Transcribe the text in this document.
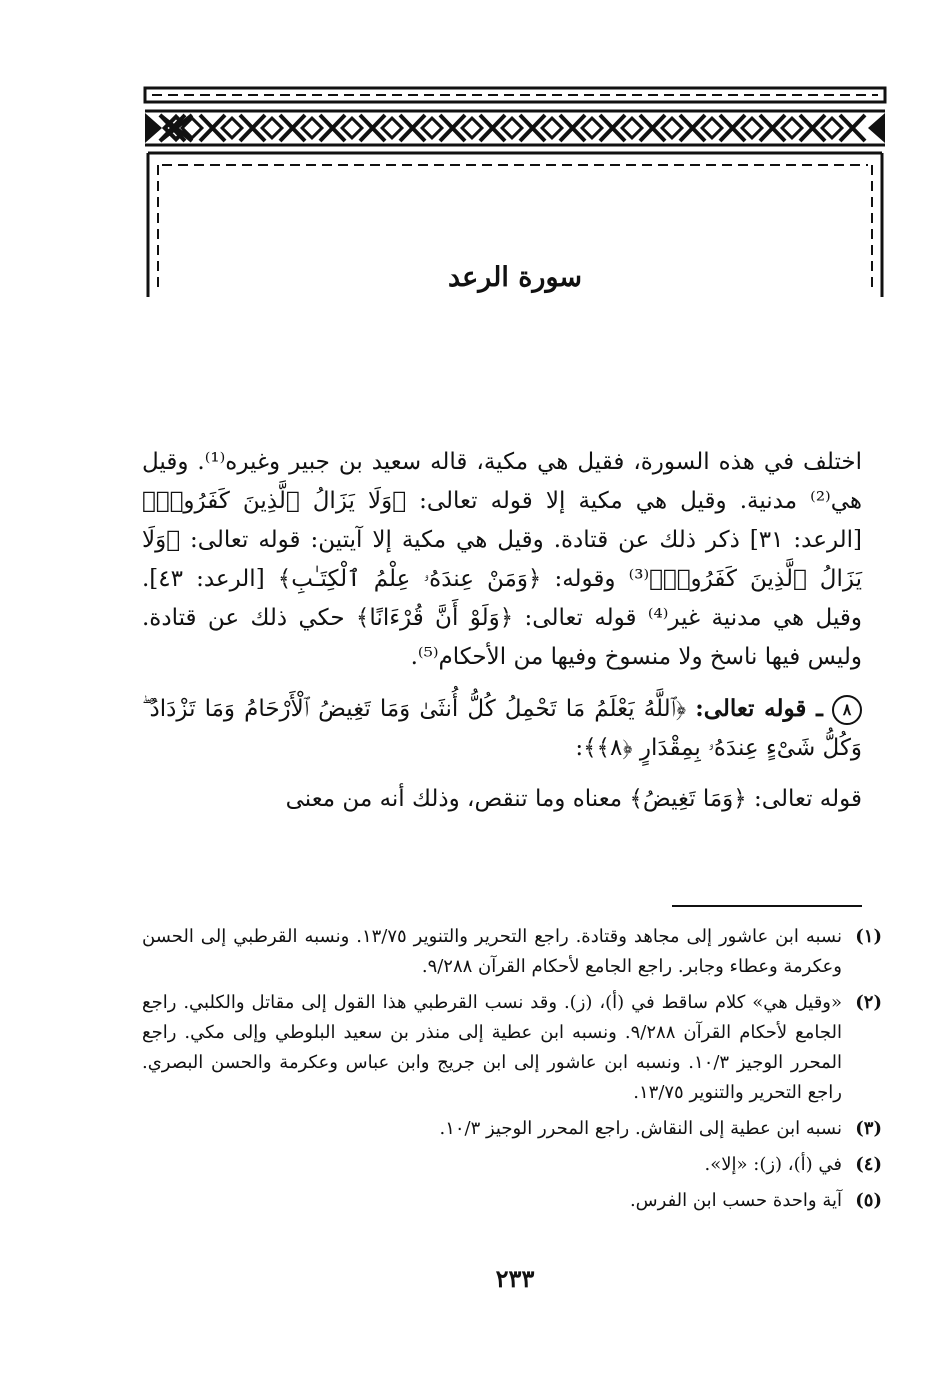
سورة الرعد

اختلف في هذه السورة، فقيل هي مكية، قاله سعيد بن جبير وغيره⁽¹⁾. وقيل هي⁽²⁾ مدنية. وقيل هي مكية إلا قوله تعالى: ﴿وَلَا يَزَالُ ٱلَّذِينَ كَفَرُوا۟﴾ [الرعد: ٣١] ذكر ذلك عن قتادة. وقيل هي مكية إلا آيتين: قوله تعالى: ﴿وَلَا يَزَالُ ٱلَّذِينَ كَفَرُوا۟﴾⁽³⁾ وقوله: ﴿وَمَنْ عِندَهُۥ عِلْمُ ٱلْكِتَـٰبِ﴾ [الرعد: ٤٣]. وقيل هي مدنية غير⁽⁴⁾ قوله تعالى: ﴿وَلَوْ أَنَّ قُرْءَانًا﴾ حكي ذلك عن قتادة. وليس فيها ناسخ ولا منسوخ وفيها من الأحكام⁽⁵⁾.

٨ ـ قوله تعالى: ﴿ٱللَّهُ يَعْلَمُ مَا تَحْمِلُ كُلُّ أُنثَىٰ وَمَا تَغِيضُ ٱلْأَرْحَامُ وَمَا تَزْدَادُ ۖ وَكُلُّ شَىْءٍ عِندَهُۥ بِمِقْدَارٍ ﴿٨﴾﴾:

قوله تعالى: ﴿وَمَا تَغِيضُ﴾ معناه وما تنقص، وذلك أنه من معنى

(١)
نسبه ابن عاشور إلى مجاهد وقتادة. راجع التحرير والتنوير ١٣/٧٥. ونسبه القرطبي إلى الحسن وعكرمة وعطاء وجابر. راجع الجامع لأحكام القرآن ٩/٢٨٨.
(٢)
«وقيل هي» كلام ساقط في (أ)، (ز). وقد نسب القرطبي هذا القول إلى مقاتل والكلبي. راجع الجامع لأحكام القرآن ٩/٢٨٨. ونسبه ابن عطية إلى منذر بن سعيد البلوطي وإلى مكي. راجع المحرر الوجيز ١٠/٣. ونسبه ابن عاشور إلى ابن جريج وابن عباس وعكرمة والحسن البصري. راجع التحرير والتنوير ١٣/٧٥.
(٣)
نسبه ابن عطية إلى النقاش. راجع المحرر الوجيز ١٠/٣.
(٤)
في (أ)، (ز): «إلا».
(٥)
آية واحدة حسب ابن الفرس.
٢٣٣
